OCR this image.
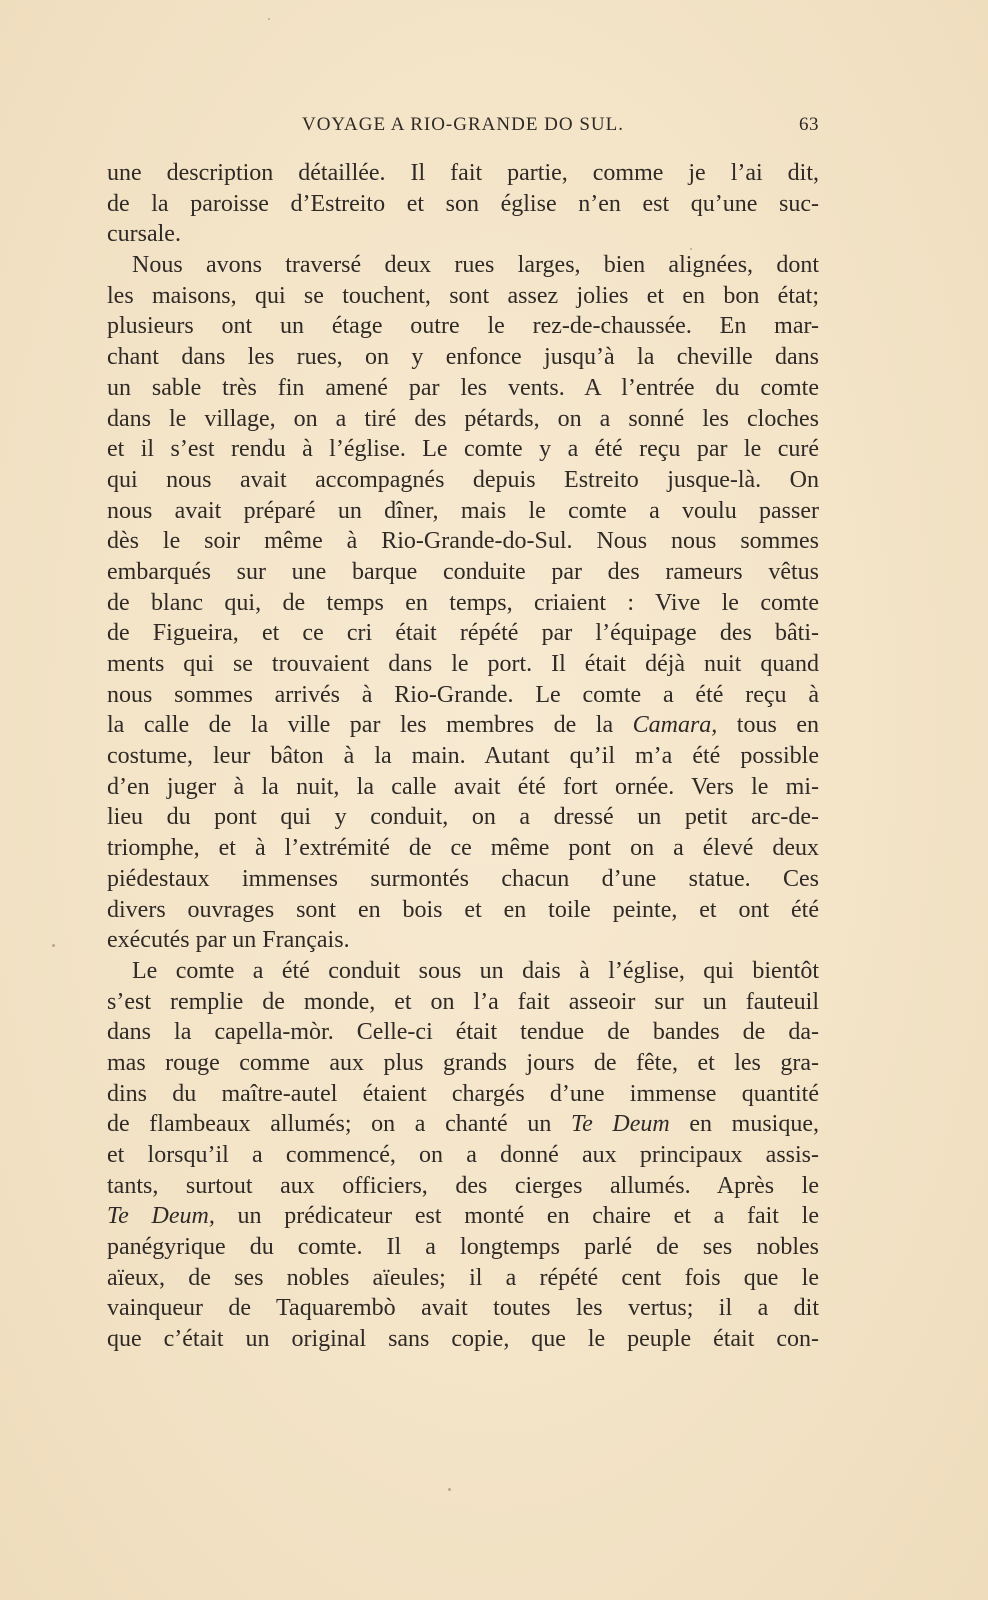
VOYAGE A RIO-GRANDE DO SUL.	63
une description détaillée. Il fait partie, comme je l’ai dit,
de la paroisse d’Estreito et son église n’en est qu’une suc-
cursale.
Nous avons traversé deux rues larges, bien alignées, dont
les maisons, qui se touchent, sont assez jolies et en bon état;
plusieurs ont un étage outre le rez-de-chaussée. En mar-
chant dans les rues, on y enfonce jusqu’à la cheville dans
un sable très fin amené par les vents. A l’entrée du comte
dans le village, on a tiré des pétards, on a sonné les cloches
et il s’est rendu à l’église. Le comte y a été reçu par le curé
qui nous avait accompagnés depuis Estreito jusque-là. On
nous avait préparé un dîner, mais le comte a voulu passer
dès le soir même à Rio-Grande-do-Sul. Nous nous sommes
embarqués sur une barque conduite par des rameurs vêtus
de blanc qui, de temps en temps, criaient : Vive le comte
de Figueira, et ce cri était répété par l’équipage des bâti-
ments qui se trouvaient dans le port. Il était déjà nuit quand
nous sommes arrivés à Rio-Grande. Le comte a été reçu à
la calle de la ville par les membres de la Camara, tous en
costume, leur bâton à la main. Autant qu’il m’a été possible
d’en juger à la nuit, la calle avait été fort ornée. Vers le mi-
lieu du pont qui y conduit, on a dressé un petit arc-de-
triomphe, et à l’extrémité de ce même pont on a élevé deux
piédestaux immenses surmontés chacun d’une statue. Ces
divers ouvrages sont en bois et en toile peinte, et ont été
exécutés par un Français.
Le comte a été conduit sous un dais à l’église, qui bientôt
s’est remplie de monde, et on l’a fait asseoir sur un fauteuil
dans la capella-mòr. Celle-ci était tendue de bandes de da-
mas rouge comme aux plus grands jours de fête, et les gra-
dins du maître-autel étaient chargés d’une immense quantité
de flambeaux allumés; on a chanté un Te Deum en musique,
et lorsqu’il a commencé, on a donné aux principaux assis-
tants, surtout aux officiers, des cierges allumés. Après le
Te Deum, un prédicateur est monté en chaire et a fait le
panégyrique du comte. Il a longtemps parlé de ses nobles
aïeux, de ses nobles aïeules; il a répété cent fois que le
vainqueur de Taquarembò avait toutes les vertus; il a dit
que c’était un original sans copie, que le peuple était con-
